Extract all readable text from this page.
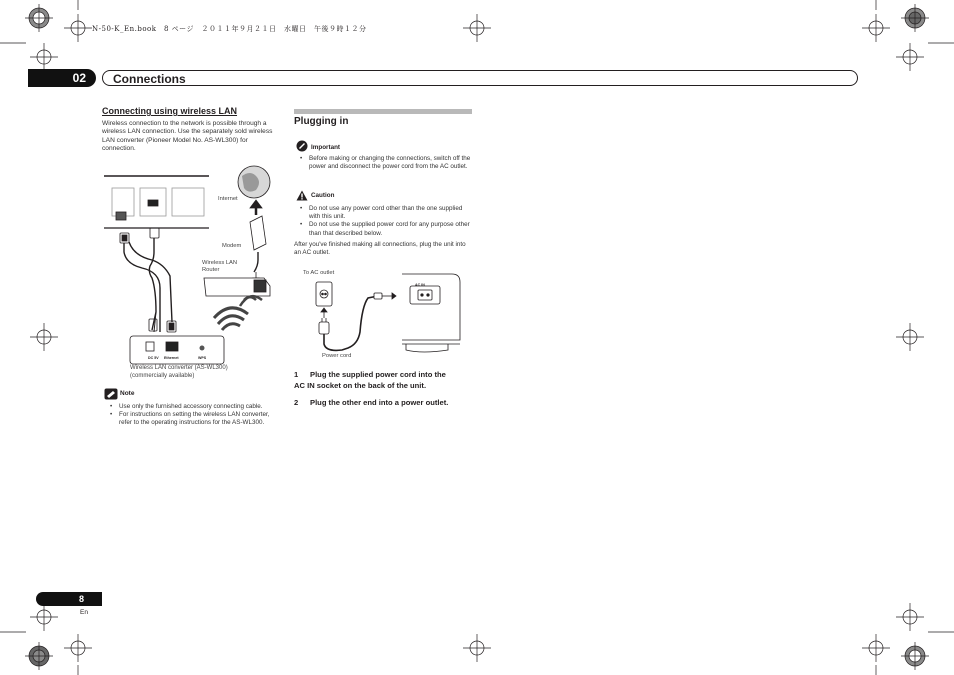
N-50-K_En.book　8 ページ　２０１１年９月２１日　水曜日　午後９時１２分
02	Connections
Connecting using wireless LAN
Wireless connection to the network is possible through a wireless LAN connection. Use the separately sold wireless LAN converter (Pioneer Model No. AS-WL300) for connection.
Internet
Modem
Wireless LAN
Router
DC 5V Ethernet	WPS
Wireless LAN converter (AS-WL300)
(commercially available)
Note
• Use only the furnished accessory connecting cable.
• For instructions on setting the wireless LAN converter, refer to the operating instructions for the AS-WL300.
Plugging in
Important
• Before making or changing the connections, switch off the power and disconnect the power cord from the AC outlet.
Caution
• Do not use any power cord other than the one supplied with this unit.
• Do not use the supplied power cord for any purpose other than that described below.
After you've finished making all connections, plug the unit into an AC outlet.
To AC outlet
AC IN
Power cord
1 Plug the supplied power cord into the
AC IN socket on the back of the unit.
2 Plug the other end into a power outlet.
8
En
